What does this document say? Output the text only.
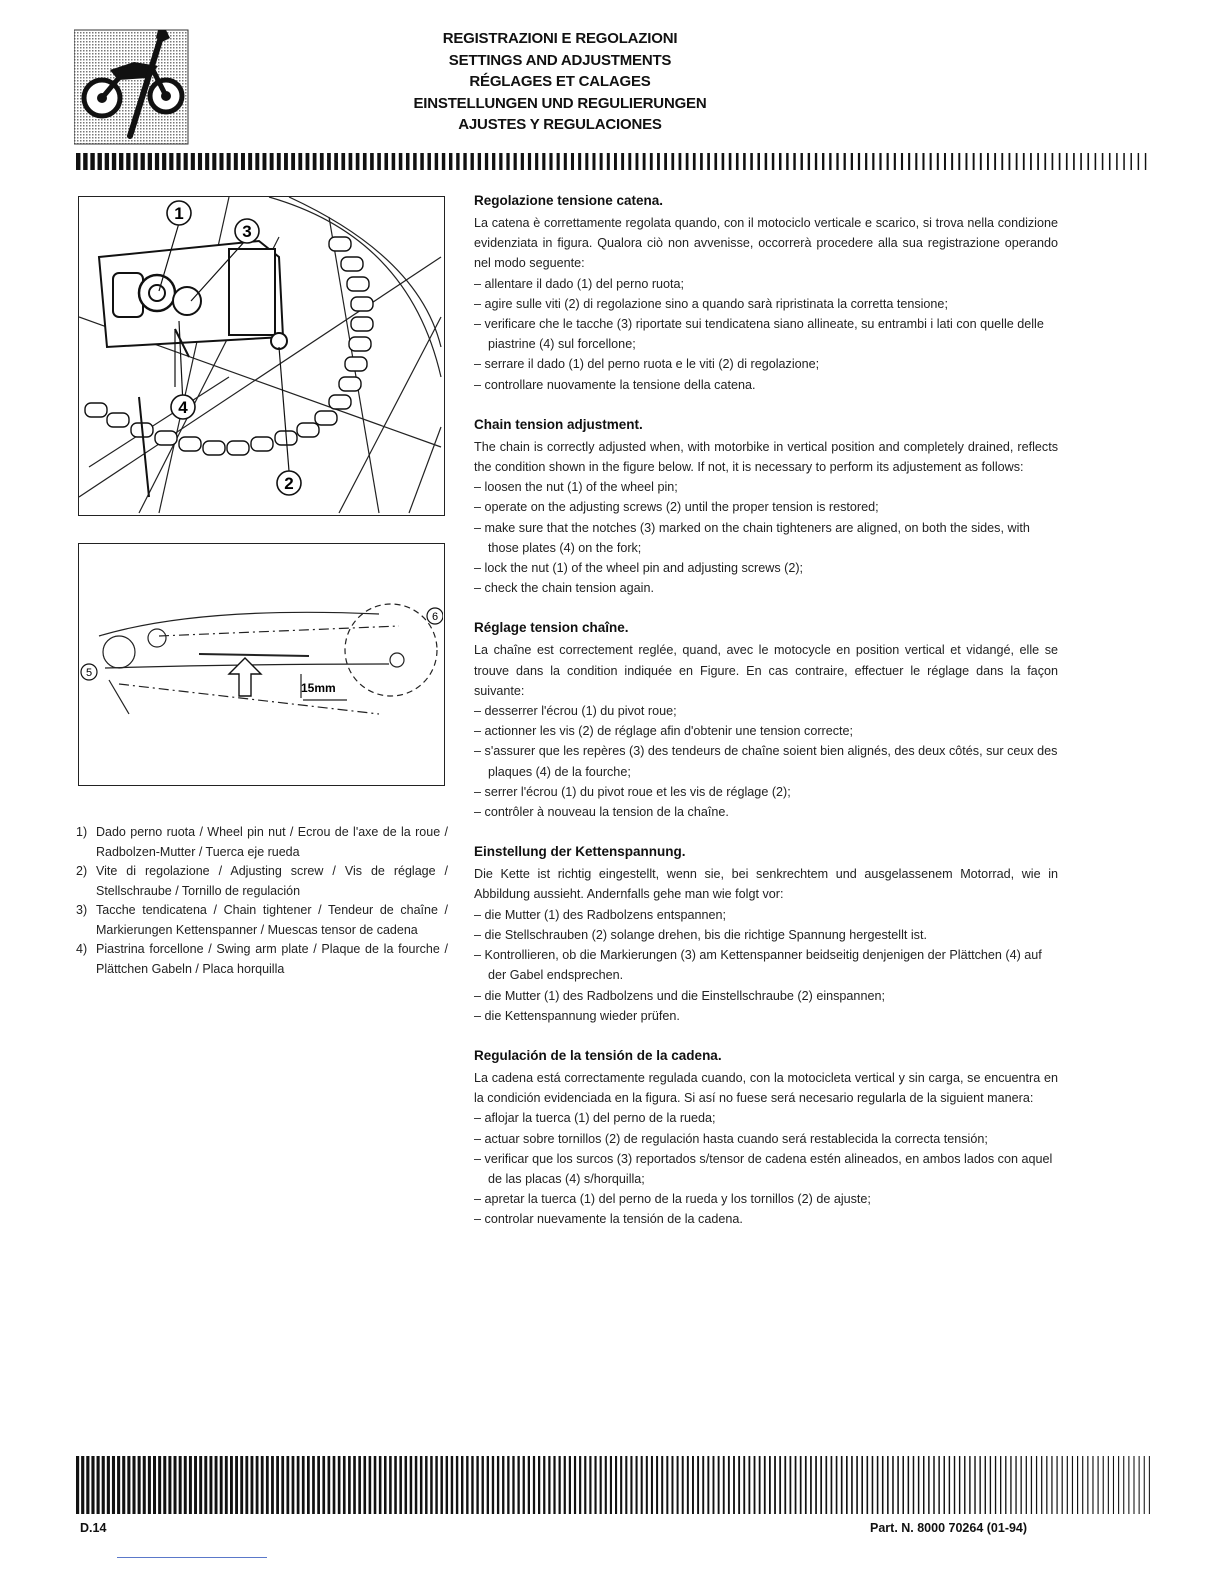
REGISTRAZIONI E REGOLAZIONI
SETTINGS AND ADJUSTMENTS
RÉGLAGES ET CALAGES
EINSTELLUNGEN UND REGULIERUNGEN
AJUSTES Y REGULACIONES
1
3
4
2
15mm
5
6
1) Dado perno ruota / Wheel pin nut / Ecrou de l'axe de la roue / Radbolzen-Mutter / Tuerca eje rueda
2) Vite di regolazione / Adjusting screw / Vis de réglage / Stellschraube / Tornillo de regulación
3) Tacche tendicatena / Chain tightener / Tendeur de chaîne / Markierungen Kettenspanner / Muescas tensor de cadena
4) Piastrina forcellone / Swing arm plate / Plaque de la fourche / Plättchen Gabeln / Placa horquilla
Regolazione tensione catena.

La catena è correttamente regolata quando, con il motociclo verticale e scarico, si trova nella condizione evidenziata in figura. Qualora ciò non avvenisse, occorrerà procedere alla sua registrazione operando nel modo seguente:

– allentare il dado (1) del perno ruota;
– agire sulle viti (2) di regolazione sino a quando sarà ripristinata la corretta tensione;
– verificare che le tacche (3) riportate sui tendicatena siano allineate, su entrambi i lati con quelle delle piastrine (4) sul forcellone;
– serrare il dado (1) del perno ruota e le viti (2) di regolazione;
– controllare nuovamente la tensione della catena.
Chain tension adjustment.

The chain is correctly adjusted when, with motorbike in vertical position and completely drained, reflects the condition shown in the figure below. If not, it is necessary to perform its adjustement as follows:

– loosen the nut (1) of the wheel pin;
– operate on the adjusting screws (2) until the proper tension is restored;
– make sure that the notches (3) marked on the chain tighteners are aligned, on both the sides, with those plates (4) on the fork;
– lock the nut (1) of the wheel pin and adjusting screws (2);
– check the chain tension again.
Réglage tension chaîne.

La chaîne est correctement reglée, quand, avec le motocycle en position vertical et vidangé, elle se trouve dans la condition indiquée en Figure. En cas contraire, effectuer le réglage dans la façon suivante:

– desserrer l'écrou (1) du pivot roue;
– actionner les vis (2) de réglage afin d'obtenir une tension correcte;
– s'assurer que les repères (3) des tendeurs de chaîne soient bien alignés, des deux côtés, sur ceux des plaques (4) de la fourche;
– serrer l'écrou (1) du pivot roue et les vis de réglage (2);
– contrôler à nouveau la tension de la chaîne.
Einstellung der Kettenspannung.

Die Kette ist richtig eingestellt, wenn sie, bei senkrechtem und ausgelassenem Motorrad, wie in Abbildung aussieht. Andernfalls gehe man wie folgt vor:

– die Mutter (1) des Radbolzens entspannen;
– die Stellschrauben (2) solange drehen, bis die richtige Spannung hergestellt ist.
– Kontrollieren, ob die Markierungen (3) am Kettenspanner beidseitig denjenigen der Plättchen (4) auf der Gabel endsprechen.
– die Mutter (1) des Radbolzens und die Einstellschraube (2) einspannen;
– die Kettenspannung wieder prüfen.
Regulación de la tensión de la cadena.

La cadena está correctamente regulada cuando, con la motocicleta vertical y sin carga, se encuentra en la condición evidenciada en la figura. Si así no fuese será necesario regularla de la siguient manera:

– aflojar la tuerca (1) del perno de la rueda;
– actuar sobre tornillos (2) de regulación hasta cuando será restablecida la correcta tensión;
– verificar que los surcos (3) reportados s/tensor de cadena estén alineados, en ambos lados con aquel de las placas (4) s/horquilla;
– apretar la tuerca (1) del perno de la rueda y los tornillos (2) de ajuste;
– controlar nuevamente la tensión de la cadena.
D.14	Part. N. 8000 70264 (01-94)
